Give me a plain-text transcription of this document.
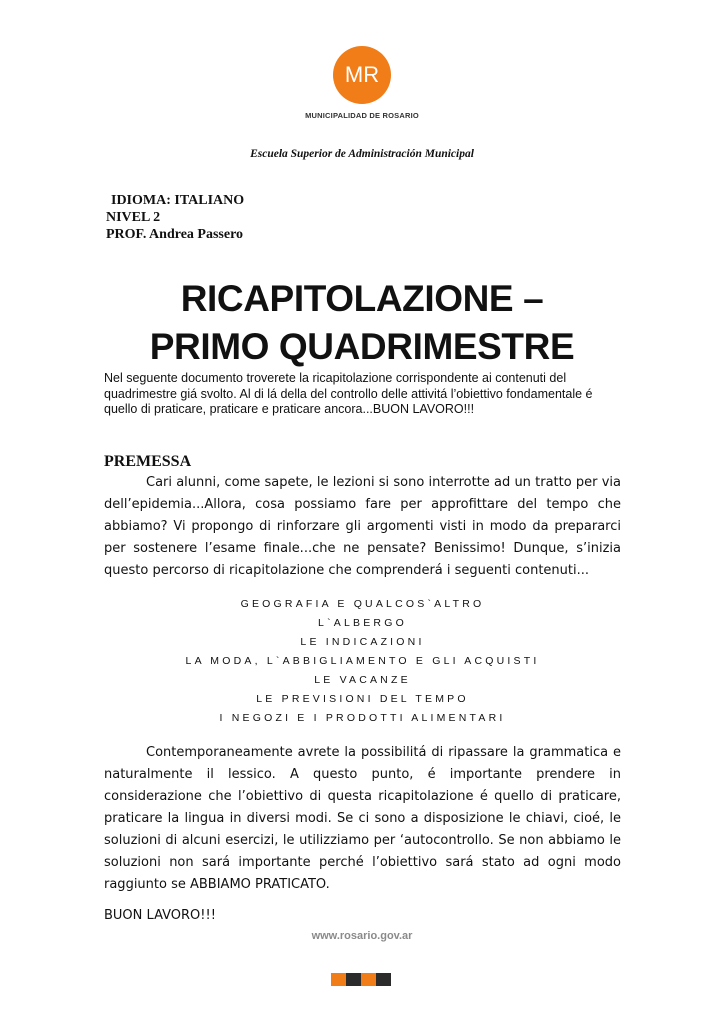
MR
MUNICIPALIDAD DE ROSARIO
Escuela Superior de Administración Municipal
IDIOMA: ITALIANO
NIVEL 2
PROF. Andrea Passero
RICAPITOLAZIONE –
PRIMO QUADRIMESTRE
Nel seguente documento troverete la ricapitolazione corrispondente ai contenuti del quadrimestre giá svolto. Al di lá della del controllo delle attivitá l’obiettivo fondamentale é quello di praticare, praticare e praticare ancora...BUON LAVORO!!!
PREMESSA
Cari alunni, come sapete, le lezioni si sono interrotte ad un tratto per via dell’epidemia...Allora, cosa possiamo fare per approfittare del tempo che abbiamo? Vi propongo di rinforzare gli argomenti visti in modo da prepararci per sostenere l’esame finale...che ne pensate? Benissimo! Dunque, s’inizia questo percorso di ricapitolazione che comprenderá i seguenti contenuti...
GEOGRAFIA E QUALCOS`ALTRO
L`ALBERGO
LE INDICAZIONI
LA MODA, L`ABBIGLIAMENTO E GLI ACQUISTI
LE VACANZE
LE PREVISIONI DEL TEMPO
I NEGOZI E I PRODOTTI ALIMENTARI
Contemporaneamente avrete la possibilitá di ripassare la grammatica e naturalmente il lessico. A questo punto, é importante prendere in considerazione che l’obiettivo di questa ricapitolazione é quello di praticare, praticare la lingua in diversi modi. Se ci sono a disposizione le chiavi, cioé, le soluzioni di alcuni esercizi, le utilizziamo per ‘autocontrollo. Se non abbiamo le soluzioni non sará importante perché l’obiettivo sará stato ad ogni modo raggiunto se ABBIAMO PRATICATO.
BUON LAVORO!!!
www.rosario.gov.ar
